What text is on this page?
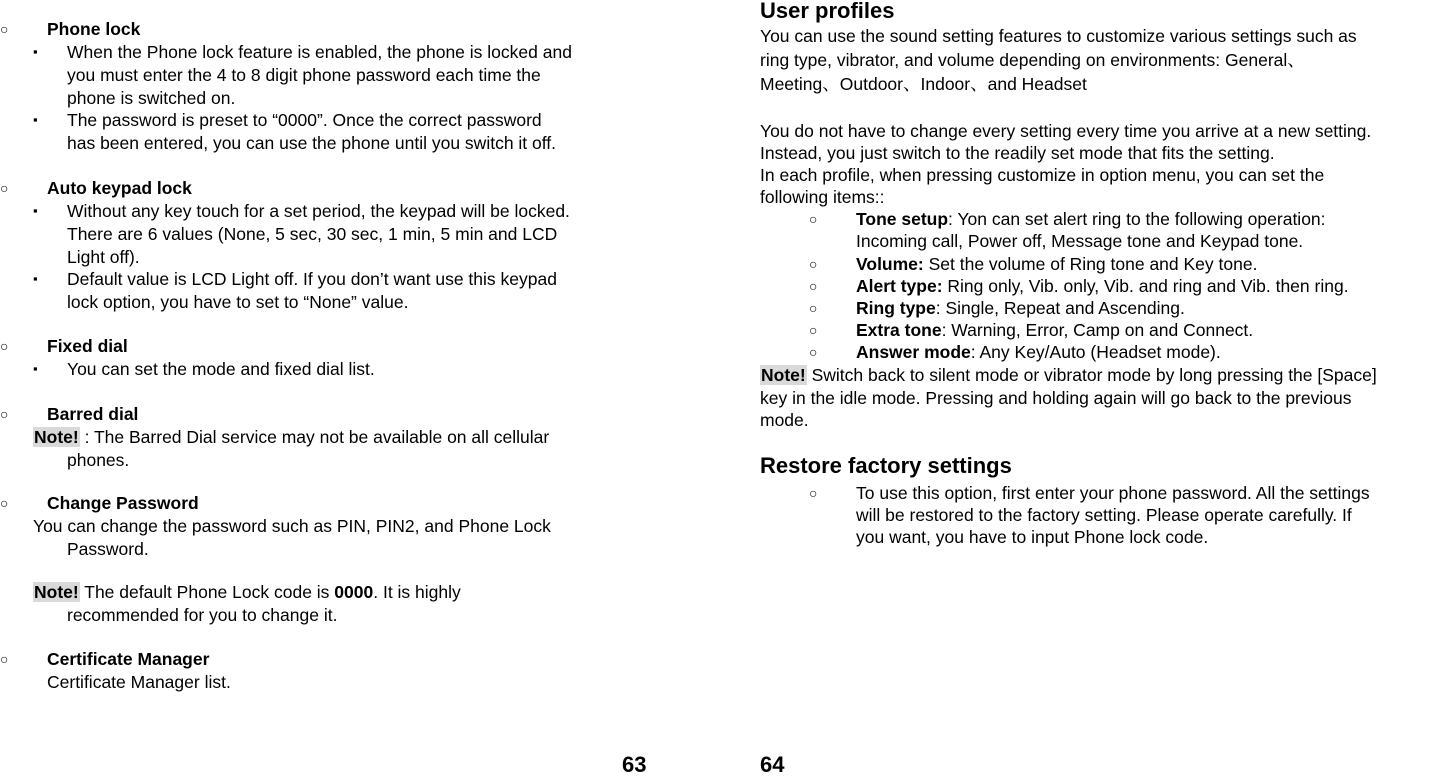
○ Phone lock
▪ When the Phone lock feature is enabled, the phone is locked and
you must enter the 4 to 8 digit phone password each time the
phone is switched on.
▪ The password is preset to “0000”. Once the correct password
has been entered, you can use the phone until you switch it off.
○ Auto keypad lock
▪ Without any key touch for a set period, the keypad will be locked.
There are 6 values (None, 5 sec, 30 sec, 1 min, 5 min and LCD
Light off).
▪ Default value is LCD Light off. If you don’t want use this keypad
lock option, you have to set to “None” value.
○ Fixed dial
▪ You can set the mode and fixed dial list.
○ Barred dial
Note! : The Barred Dial service may not be available on all cellular
phones.
○ Change Password
You can change the password such as PIN, PIN2, and Phone Lock
Password.
Note! The default Phone Lock code is 0000. It is highly
recommended for you to change it.
○ Certificate Manager
Certificate Manager list.
63
User profiles
You can use the sound setting features to customize various settings such as
ring type, vibrator, and volume depending on environments: General、
Meeting、Outdoor、Indoor、and Headset
You do not have to change every setting every time you arrive at a new setting.
Instead, you just switch to the readily set mode that fits the setting.
In each profile, when pressing customize in option menu, you can set the
following items::
○ Tone setup: Yon can set alert ring to the following operation:
Incoming call, Power off, Message tone and Keypad tone.
○ Volume: Set the volume of Ring tone and Key tone.
○ Alert type: Ring only, Vib. only, Vib. and ring and Vib. then ring.
○ Ring type: Single, Repeat and Ascending.
○ Extra tone: Warning, Error, Camp on and Connect.
○ Answer mode: Any Key/Auto (Headset mode).
Note! Switch back to silent mode or vibrator mode by long pressing the [Space]
key in the idle mode. Pressing and holding again will go back to the previous
mode.
Restore factory settings
○ To use this option, first enter your phone password. All the settings
will be restored to the factory setting. Please operate carefully. If
you want, you have to input Phone lock code.
64
